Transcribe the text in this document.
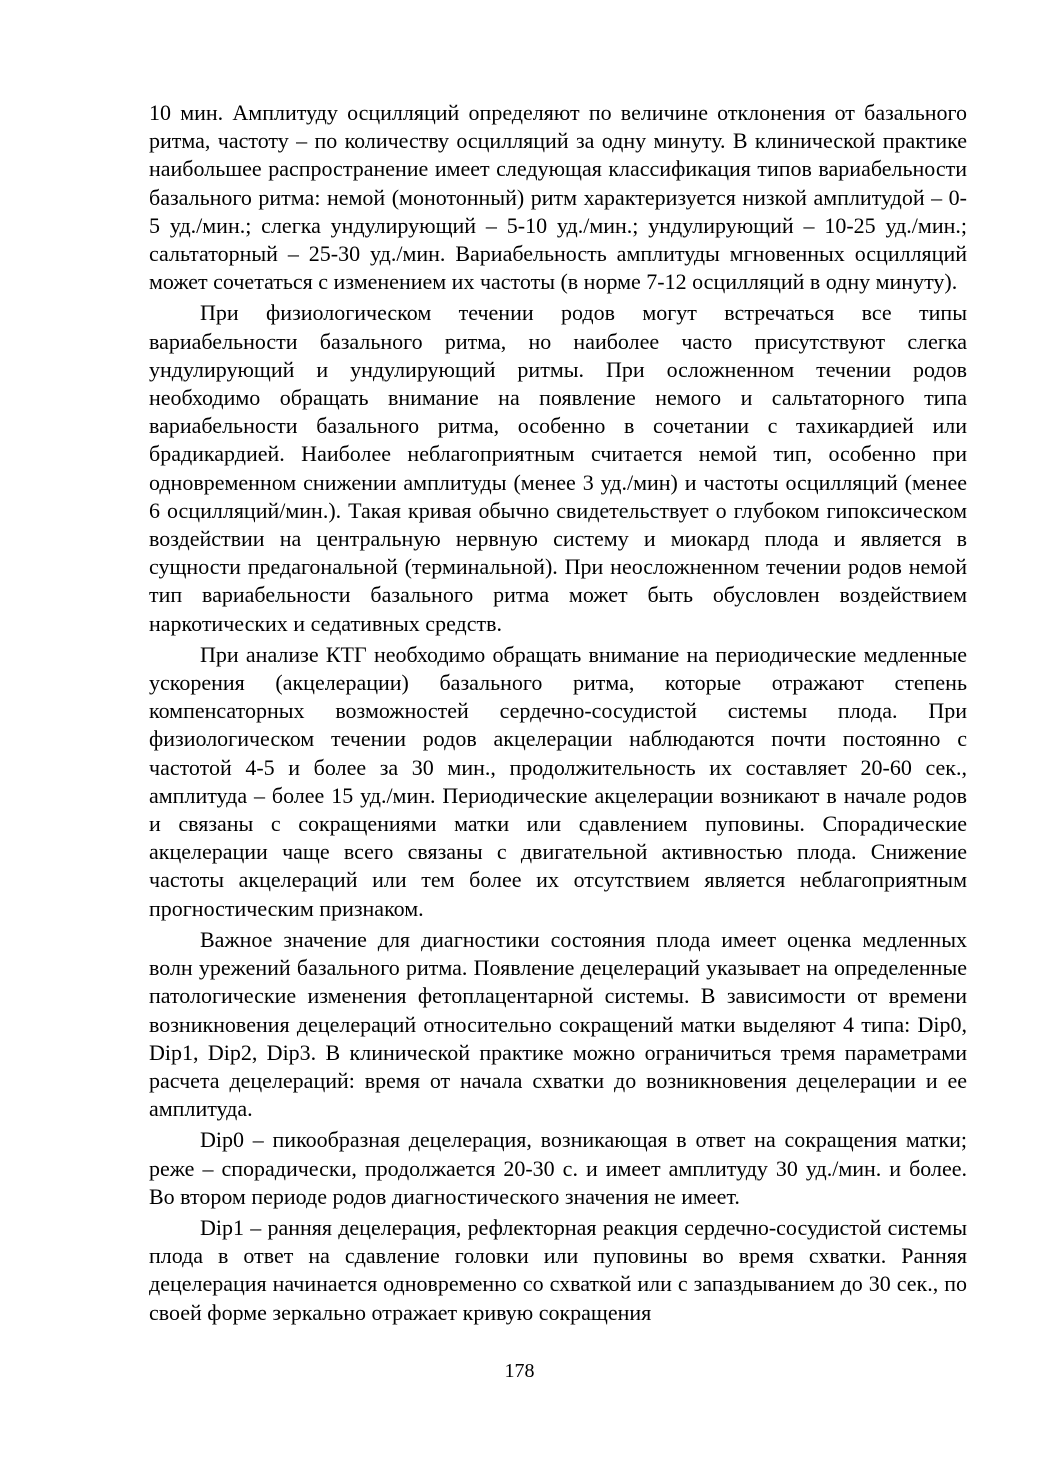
10 мин. Амплитуду осцилляций определяют по величине отклонения от базального ритма, частоту – по количеству осцилляций за одну минуту. В клинической практике наибольшее распространение имеет следующая классификация типов вариабельности базального ритма: немой (монотонный) ритм характеризуется низкой амплитудой – 0-5 уд./мин.; слегка ундулирующий – 5-10 уд./мин.; ундулирующий – 10-25 уд./мин.; сальтаторный – 25-30 уд./мин. Вариабельность амплитуды мгновенных осцилляций может сочетаться с изменением их частоты (в норме 7-12 осцилляций в одну минуту).

При физиологическом течении родов могут встречаться все типы вариабельности базального ритма, но наиболее часто присутствуют слегка ундулирующий и ундулирующий ритмы. При осложненном течении родов необходимо обращать внимание на появление немого и сальтаторного типа вариабельности базального ритма, особенно в сочетании с тахикардией или брадикардией. Наиболее неблагоприятным считается немой тип, особенно при одновременном снижении амплитуды (менее 3 уд./мин) и частоты осцилляций (менее 6 осцилляций/мин.). Такая кривая обычно свидетельствует о глубоком гипоксическом воздействии на центральную нервную систему и миокард плода и является в сущности предагональной (терминальной). При неосложненном течении родов немой тип вариабельности базального ритма может быть обусловлен воздействием наркотических и седативных средств.

При анализе КТГ необходимо обращать внимание на периодические медленные ускорения (акцелерации) базального ритма, которые отражают степень компенсаторных возможностей сердечно-сосудистой системы плода. При физиологическом течении родов акцелерации наблюдаются почти постоянно с частотой 4-5 и более за 30 мин., продолжительность их составляет 20-60 сек., амплитуда – более 15 уд./мин. Периодические акцелерации возникают в начале родов и связаны с сокращениями матки или сдавлением пуповины. Спорадические акцелерации чаще всего связаны с двигательной активностью плода. Снижение частоты акцелераций или тем более их отсутствием является неблагоприятным прогностическим признаком.

Важное значение для диагностики состояния плода имеет оценка медленных волн урежений базального ритма. Появление децелераций указывает на определенные патологические изменения фетоплацентарной системы. В зависимости от времени возникновения децелераций относительно сокращений матки выделяют 4 типа: Dip0, Dip1, Dip2, Dip3. В клинической практике можно ограничиться тремя параметрами расчета децелераций: время от начала схватки до возникновения децелерации и ее амплитуда.

Dip0 – пикообразная децелерация, возникающая в ответ на сокращения матки; реже – спорадически, продолжается 20-30 с. и имеет амплитуду 30 уд./мин. и более. Во втором периоде родов диагностического значения не имеет.

Dip1 – ранняя децелерация, рефлекторная реакция сердечно-сосудистой системы плода в ответ на сдавление головки или пуповины во время схватки. Ранняя децелерация начинается одновременно со схваткой или с запаздыванием до 30 сек., по своей форме зеркально отражает кривую сокращения

178
